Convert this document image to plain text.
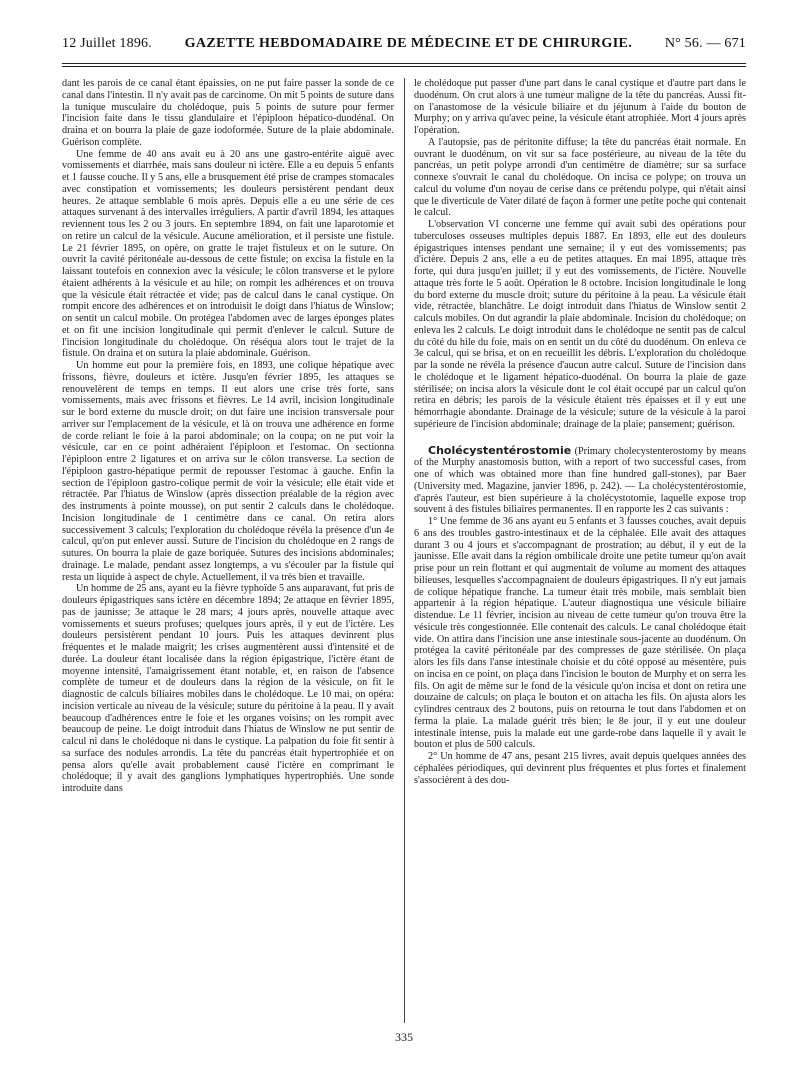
12 Juillet 1896. GAZETTE HEBDOMADAIRE DE MÉDECINE ET DE CHIRURGIE. N° 56. — 671

dant les parois de ce canal étant épaissies, on ne put faire passer la sonde de ce canal dans l'intestin. Il n'y avait pas de carcinome. On mit 5 points de suture dans la tunique musculaire du cholédoque, puis 5 points de suture pour fermer l'incision faite dans le tissu glandulaire et l'épiploon hépatico-duodénal. On draina et on bourra la plaie de gaze iodoformée. Suture de la plaie abdominale. Guérison complète.

Une femme de 40 ans avait eu à 20 ans une gastro-entérite aiguë avec vomissements et diarrhée, mais sans douleur ni ictère. Elle a eu depuis 5 enfants et 1 fausse couche. Il y 5 ans, elle a brusquement été prise de crampes stomacales avec constipation et vomissements; les douleurs persistèrent pendant deux heures. 2e attaque semblable 6 mois après. Depuis elle a eu une série de ces attaques survenant à des intervalles irréguliers. A partir d'avril 1894, les attaques reviennent tous les 2 ou 3 jours. En septembre 1894, on fait une laparotomie et on retire un calcul de la vésicule. Aucune amélioration, et il persiste une fistule. Le 21 février 1895, on opère, on gratte le trajet fistuleux et on le suture. On ouvrit la cavité péritonéale au-dessous de cette fistule; on excisa la fistule en la laissant toutefois en connexion avec la vésicule; le côlon transverse et le pylore étaient adhérents à la vésicule et au hile; on rompit les adhérences et on trouva que la vésicule était rétractée et vide; pas de calcul dans le canal cystique. On rompit encore des adhérences et on introduisit le doigt dans l'hiatus de Winslow; on sentit un calcul mobile. On protégea l'abdomen avec de larges éponges plates et on fit une incision longitudinale qui permit d'enlever le calcul. Suture de l'incision longitudinale du cholédoque. On réséqua alors tout le trajet de la fistule. On draina et on sutura la plaie abdominale. Guérison.

Un homme eut pour la première fois, en 1893, une colique hépatique avec frissons, fièvre, douleurs et ictère. Jusqu'en février 1895, les attaques se renouvelèrent de temps en temps. Il eut alors une crise très forte, sans vomissements, mais avec frissons et fièvres. Le 14 avril, incision longitudinale sur le bord externe du muscle droit; on dut faire une incision transversale pour arriver sur l'emplacement de la vésicule, et là on trouva une adhérence en forme de corde reliant le foie à la paroi abdominale; on la coupa; on ne put voir la vésicule, car en ce point adhéraient l'épiploon et l'estomac. On sectionna l'épiploon entre 2 ligatures et on arriva sur le côlon transverse. La section de l'épiploon gastro-hépatique permit de repousser l'estomac à gauche. Enfin la section de l'épiploon gastro-colique permit de voir la vésicule; elle était vide et rétractée. Par l'hiatus de Winslow (après dissection préalable de la région avec des instruments à pointe mousse), on put sentir 2 calculs dans le cholédoque. Incision longitudinale de 1 centimètre dans ce canal. On retira alors successivement 3 calculs; l'exploration du cholédoque révéla la présence d'un 4e calcul, qu'on put enlever aussi. Suture de l'incision du cholédoque en 2 rangs de sutures. On bourra la plaie de gaze boriquée. Sutures des incisions abdominales; drainage. Le malade, pendant assez longtemps, a vu s'écouler par la fistule qui resta un liquide à aspect de chyle. Actuellement, il va très bien et travaille.

Un homme de 25 ans, ayant eu la fièvre typhoïde 5 ans auparavant, fut pris de douleurs épigastriques sans ictère en décembre 1894; 2e attaque en février 1895, pas de jaunisse; 3e attaque le 28 mars; 4 jours après, nouvelle attaque avec vomissements et sueurs profuses; quelques jours après, il y eut de l'ictère. Les douleurs persistèrent pendant 10 jours. Puis les attaques devinrent plus fréquentes et le malade maigrit; les crises augmentèrent aussi d'intensité et de durée. La douleur étant localisée dans la région épigastrique, l'ictère étant de moyenne intensité, l'amaigrissement étant notable, et, en raison de l'absence complète de tumeur et de douleurs dans la région de la vésicule, on fit le diagnostic de calculs biliaires mobiles dans le cholédoque. Le 10 mai, on opéra: incision verticale au niveau de la vésicule; suture du péritoine à la peau. Il y avait beaucoup d'adhérences entre le foie et les organes voisins; on les rompit avec beaucoup de peine. Le doigt introduit dans l'hiatus de Winslow ne put sentir de calcul ni dans le cholédoque ni dans le cystique. La palpation du foie fit sentir à sa surface des nodules arrondis. La tête du pancréas était hypertrophiée et on pensa alors qu'elle avait probablement causé l'ictère en comprimant le cholédoque; il y avait des ganglions lymphatiques hypertrophiés. Une sonde introduite dans

le cholédoque put passer d'une part dans le canal cystique et d'autre part dans le duodénum. On crut alors à une tumeur maligne de la tête du pancréas. Aussi fit-on l'anastomose de la vésicule biliaire et du jéjunum à l'aide du bouton de Murphy; on y arriva qu'avec peine, la vésicule étant atrophiée. Mort 4 jours après l'opération.

A l'autopsie, pas de péritonite diffuse; la tête du pancréas était normale. En ouvrant le duodénum, on vit sur sa face postérieure, au niveau de la tête du pancréas, un petit polype arrondi d'un centimètre de diamètre; sur sa surface connexe s'ouvrait le canal du cholédoque. On incisa ce polype; on trouva un calcul du volume d'un noyau de cerise dans ce prétendu polype, qui n'était ainsi que le diverticule de Vater dilaté de façon à former une petite poche qui contenait le calcul.

L'observation VI concerne une femme qui avait subi des opérations pour tuberculoses osseuses multiples depuis 1887. En 1893, elle eut des douleurs épigastriques intenses pendant une semaine; il y eut des vomissements; pas d'ictère. Depuis 2 ans, elle a eu de petites attaques. En mai 1895, attaque très forte, qui dura jusqu'en juillet; il y eut des vomissements, de l'ictère. Nouvelle attaque très forte le 5 août. Opération le 8 octobre. Incision longitudinale le long du bord externe du muscle droit; suture du péritoine à la peau. La vésicule était vide, rétractée, blanchâtre. Le doigt introduit dans l'hiatus de Winslow sentit 2 calculs mobiles. On dut agrandir la plaie abdominale. Incision du cholédoque; on enleva les 2 calculs. Le doigt introduit dans le cholédoque ne sentit pas de calcul du côté du hile du foie, mais on en sentit un du côté du duodénum. On enleva ce 3e calcul, qui se brisa, et on en recueillit les débris. L'exploration du cholédoque par la sonde ne révéla la présence d'aucun autre calcul. Suture de l'incision dans le cholédoque et le ligament hépatico-duodénal. On bourra la plaie de gaze stérilisée; on incisa alors la vésicule dont le col était occupé par un calcul qu'on retira en débris; les parois de la vésicule étaient très épaisses et il y eut une hémorrhagie abondante. Drainage de la vésicule; suture de la vésicule à la paroi supérieure de l'incision abdominale; drainage de la plaie; pansement; guérison.

Cholécystentérostomie (Primary cholecystenterostomy by means of the Murphy anastomosis button, with a report of two successful cases, from one of which was obtained more than fine hundred gall-stones), par Baer (University med. Magazine, janvier 1896, p. 242). — La cholécystentérostomie, d'après l'auteur, est bien supérieure à la cholécystotomie, laquelle expose trop souvent à des fistules biliaires permanentes. Il en rapporte les 2 cas suivants :

1° Une femme de 36 ans ayant eu 5 enfants et 3 fausses couches, avait depuis 6 ans des troubles gastro-intestinaux et de la céphalée. Elle avait des attaques durant 3 ou 4 jours et s'accompagnant de prostration; au début, il y eut de la jaunisse. Elle avait dans la région ombilicale droite une petite tumeur qu'on avait prise pour un rein flottant et qui augmentait de volume au moment des attaques bilieuses, lesquelles s'accompagnaient de douleurs épigastriques. Il n'y eut jamais de colique hépatique franche. La tumeur était très mobile, mais semblait bien appartenir à la région hépatique. L'auteur diagnostiqua une vésicule biliaire distendue. Le 11 février, incision au niveau de cette tumeur qu'on trouva être la vésicule très congestionnée. Elle contenait des calculs. Le canal cholédoque était vide. On attira dans l'incision une anse intestinale sous-jacente au duodénum. On protégea la cavité péritonéale par des compresses de gaze stérilisée. On plaça alors les fils dans l'anse intestinale choisie et du côté opposé au mésentère, puis on incisa en ce point, on plaça dans l'incision le bouton de Murphy et on serra les fils. On agit de même sur le fond de la vésicule qu'on incisa et dont on retira une douzaine de calculs; on plaça le bouton et on attacha les fils. On ajusta alors les cylindres centraux des 2 boutons, puis on retourna le tout dans l'abdomen et on ferma la plaie. La malade guérit très bien; le 8e jour, il y eut une douleur intestinale intense, puis la malade eut une garde-robe dans laquelle il y avait le bouton et plus de 500 calculs.

2° Un homme de 47 ans, pesant 215 livres, avait depuis quelques années des céphalées périodiques, qui devinrent plus fréquentes et plus fortes et finalement s'associèrent à des dou-

335
